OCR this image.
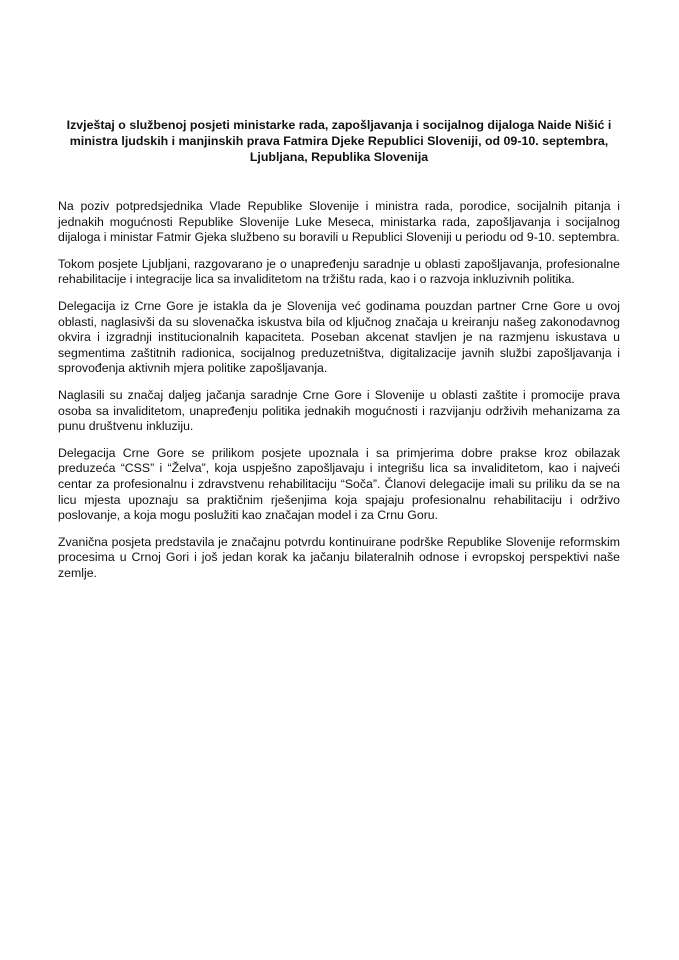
Izvještaj o službenoj posjeti ministarke rada, zapošljavanja i socijalnog dijaloga Naide Nišić i ministra ljudskih i manjinskih prava Fatmira Djeke Republici Sloveniji, od 09-10. septembra, Ljubljana, Republika Slovenija

Na poziv potpredsjednika Vlade Republike Slovenije i ministra rada, porodice, socijalnih pitanja i jednakih mogućnosti Republike Slovenije Luke Meseca, ministarka rada, zapošljavanja i socijalnog dijaloga i ministar Fatmir Gjeka službeno su boravili u Republici Sloveniji u periodu od 9-10. septembra.

Tokom posjete Ljubljani, razgovarano je o unapređenju saradnje u oblasti zapošljavanja, profesionalne rehabilitacije i integracije lica sa invaliditetom na tržištu rada, kao i o razvoja inkluzivnih politika.

Delegacija iz Crne Gore je istakla da je Slovenija već godinama pouzdan partner Crne Gore u ovoj oblasti, naglasivši da su slovenačka iskustva bila od ključnog značaja u kreiranju našeg zakonodavnog okvira i izgradnji institucionalnih kapaciteta. Poseban akcenat stavljen je na razmjenu iskustava u segmentima zaštitnih radionica, socijalnog preduzetništva, digitalizacije javnih službi zapošljavanja i sprovođenja aktivnih mjera politike zapošljavanja.

Naglasili su značaj daljeg jačanja saradnje Crne Gore i Slovenije u oblasti zaštite i promocije prava osoba sa invaliditetom, unapređenju politika jednakih mogućnosti i razvijanju održivih mehanizama za punu društvenu inkluziju.

Delegacija Crne Gore se prilikom posjete upoznala i sa primjerima dobre prakse kroz obilazak preduzeća “CSS” i “Želva”, koja uspješno zapošljavaju i integrišu lica sa invaliditetom, kao i najveći centar za profesionalnu i zdravstvenu rehabilitaciju “Soča”. Članovi delegacije imali su priliku da se na licu mjesta upoznaju sa praktičnim rješenjima koja spajaju profesionalnu rehabilitaciju i održivo poslovanje, a koja mogu poslužiti kao značajan model i za Crnu Goru.

Zvanična posjeta predstavila je značajnu potvrdu kontinuirane podrške Republike Slovenije reformskim procesima u Crnoj Gori i još jedan korak ka jačanju bilateralnih odnose i evropskoj perspektivi naše zemlje.
